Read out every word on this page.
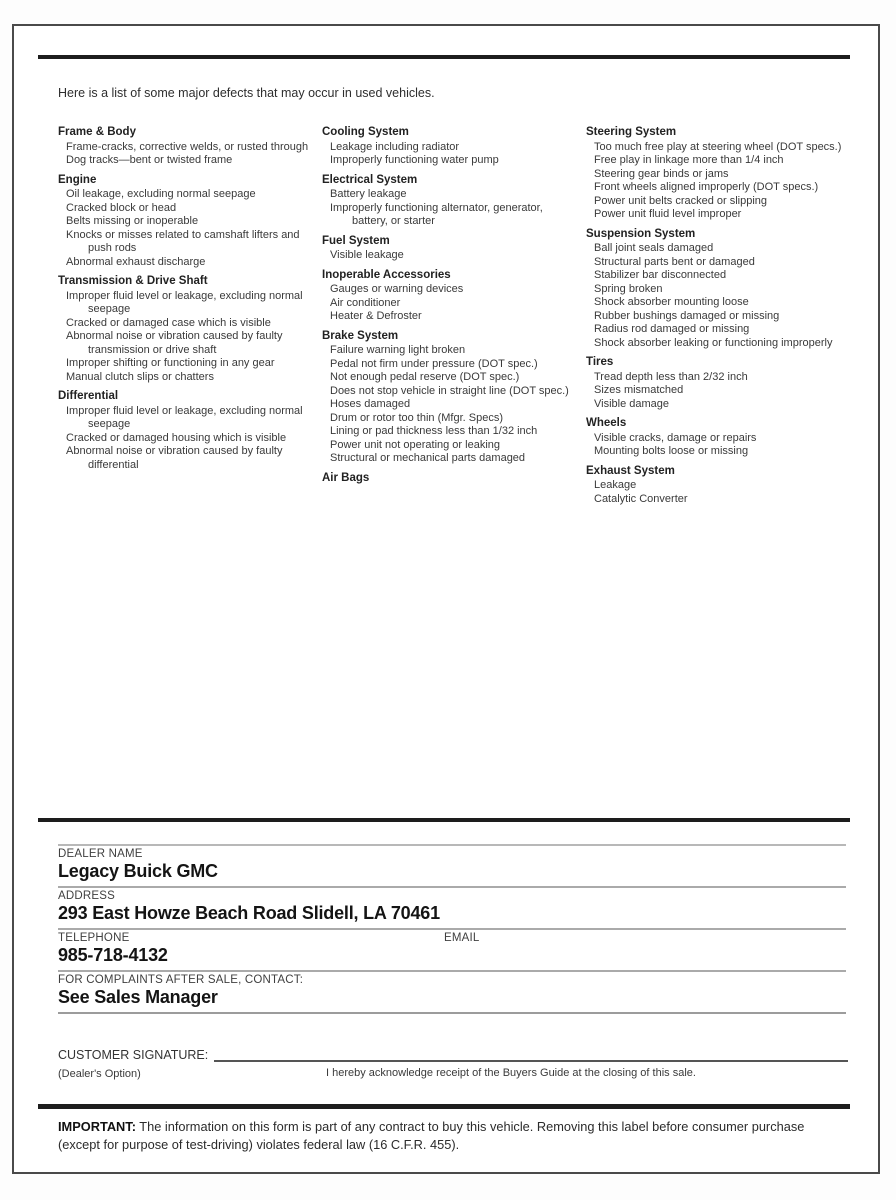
Here is a list of some major defects that may occur in used vehicles.
Frame & Body
Frame-cracks, corrective welds, or rusted through
Dog tracks—bent or twisted frame
Engine
Oil leakage, excluding normal seepage
Cracked block or head
Belts missing or inoperable
Knocks or misses related to camshaft lifters and push rods
Abnormal exhaust discharge
Transmission & Drive Shaft
Improper fluid level or leakage, excluding normal seepage
Cracked or damaged case which is visible
Abnormal noise or vibration caused by faulty transmission or drive shaft
Improper shifting or functioning in any gear
Manual clutch slips or chatters
Differential
Improper fluid level or leakage, excluding normal seepage
Cracked or damaged housing which is visible
Abnormal noise or vibration caused by faulty differential
Cooling System
Leakage including radiator
Improperly functioning water pump
Electrical System
Battery leakage
Improperly functioning alternator, generator, battery, or starter
Fuel System
Visible leakage
Inoperable Accessories
Gauges or warning devices
Air conditioner
Heater & Defroster
Brake System
Failure warning light broken
Pedal not firm under pressure (DOT spec.)
Not enough pedal reserve (DOT spec.)
Does not stop vehicle in straight line (DOT spec.)
Hoses damaged
Drum or rotor too thin (Mfgr. Specs)
Lining or pad thickness less than 1/32 inch
Power unit not operating or leaking
Structural or mechanical parts damaged
Air Bags
Steering System
Too much free play at steering wheel (DOT specs.)
Free play in linkage more than 1/4 inch
Steering gear binds or jams
Front wheels aligned improperly (DOT specs.)
Power unit belts cracked or slipping
Power unit fluid level improper
Suspension System
Ball joint seals damaged
Structural parts bent or damaged
Stabilizer bar disconnected
Spring broken
Shock absorber mounting loose
Rubber bushings damaged or missing
Radius rod damaged or missing
Shock absorber leaking or functioning improperly
Tires
Tread depth less than 2/32 inch
Sizes mismatched
Visible damage
Wheels
Visible cracks, damage or repairs
Mounting bolts loose or missing
Exhaust System
Leakage
Catalytic Converter
DEALER NAME
Legacy Buick GMC
ADDRESS
293 East Howze Beach Road Slidell, LA 70461
TELEPHONE
985-718-4132
EMAIL
FOR COMPLAINTS AFTER SALE, CONTACT:
See Sales Manager
CUSTOMER SIGNATURE:
(Dealer's Option)	I hereby acknowledge receipt of the Buyers Guide at the closing of this sale.
IMPORTANT: The information on this form is part of any contract to buy this vehicle. Removing this label before consumer purchase (except for purpose of test-driving) violates federal law (16 C.F.R. 455).
